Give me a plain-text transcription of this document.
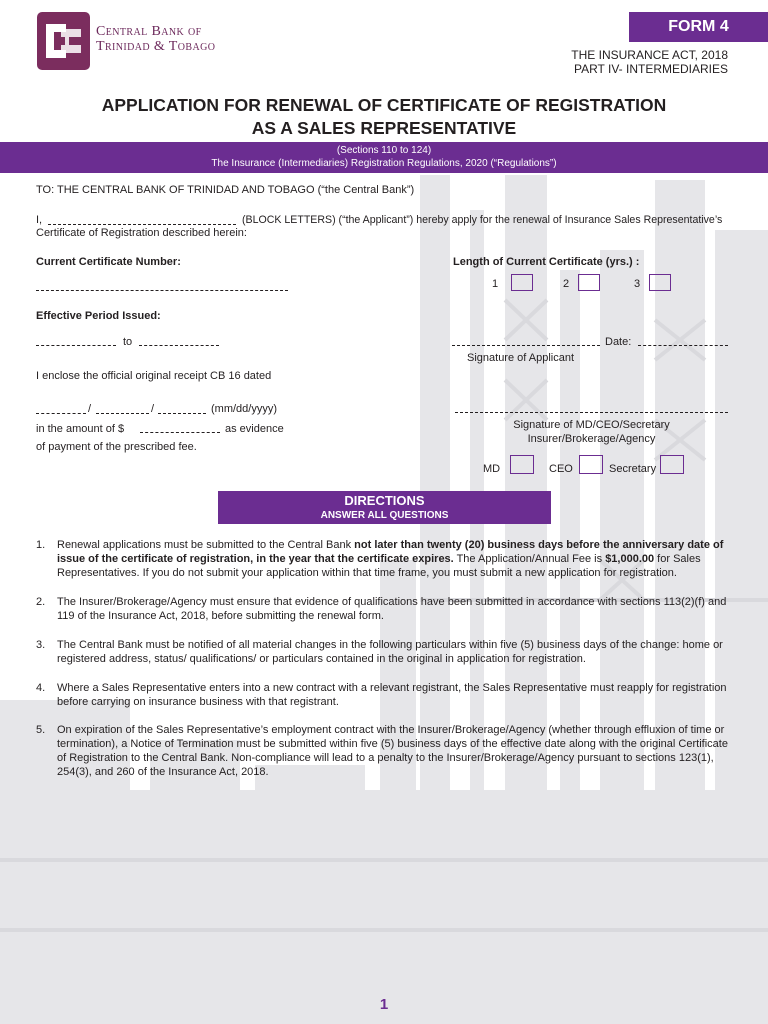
Central Bank of
Trinidad & Tobago
FORM 4
THE INSURANCE ACT, 2018
PART IV- INTERMEDIARIES
APPLICATION FOR RENEWAL OF CERTIFICATE OF REGISTRATION
AS A SALES REPRESENTATIVE
(Sections 110 to 124)
The Insurance (Intermediaries) Registration Regulations, 2020 (“Regulations”)
TO: THE CENTRAL BANK OF TRINIDAD AND TOBAGO (“the Central Bank”)
I,	(BLOCK LETTERS) (“the Applicant”) hereby apply for the renewal of Insurance Sales Representative’s
Certificate of Registration described herein:
Current Certificate Number:	Length of Current Certificate (yrs.) :
1	2	3
Effective Period Issued:
to	Date:
Signature of Applicant
I enclose the official original receipt CB 16 dated
/	/	(mm/dd/yyyy)
in the amount of $	as evidence
of payment of the prescribed fee.
Signature of MD/CEO/Secretary
Insurer/Brokerage/Agency
MD	CEO	Secretary
DIRECTIONS
ANSWER ALL QUESTIONS
1.	Renewal applications must be submitted to the Central Bank not later than twenty (20) business days before the anniversary date of issue of the certificate of registration, in the year that the certificate expires. The Application/Annual Fee is $1,000.00 for Sales Representatives. If you do not submit your application within that time frame, you must submit a new application for registration.
2.	The Insurer/Brokerage/Agency must ensure that evidence of qualifications have been submitted in accordance with sections 113(2)(f) and 119 of the Insurance Act, 2018, before submitting the renewal form.
3.	The Central Bank must be notified of all material changes in the following particulars within five (5) business days of the change: home or registered address, status/ qualifications/ or particulars contained in the original in application for registration.
4.	Where a Sales Representative enters into a new contract with a relevant registrant, the Sales Representative must reapply for registration before carrying on insurance business with that registrant.
5.	On expiration of the Sales Representative’s employment contract with the Insurer/Brokerage/Agency (whether through effluxion of time or termination), a Notice of Termination must be submitted within five (5) business days of the effective date along with the original Certificate of Registration to the Central Bank. Non-compliance will lead to a penalty to the Insurer/Brokerage/Agency pursuant to sections 123(1), 254(3), and 260 of the Insurance Act, 2018.
1
